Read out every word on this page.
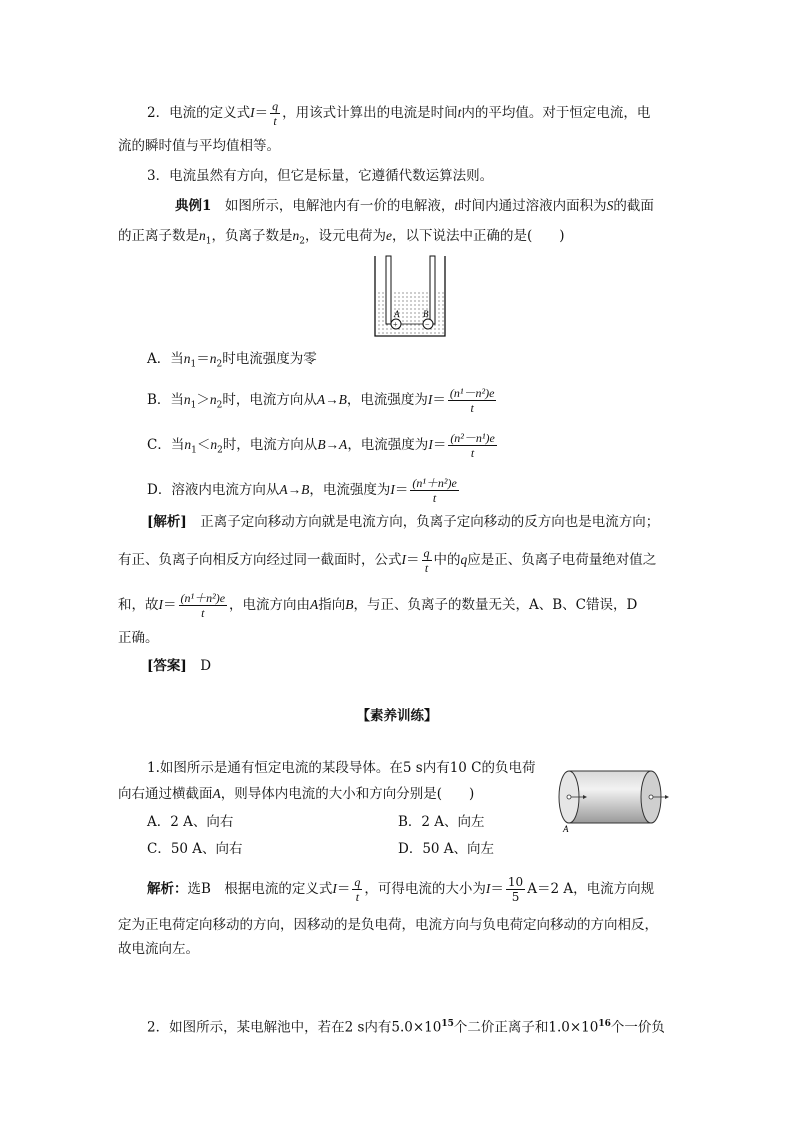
2．电流的定义式$I= \frac{q}{t}$ ，用该式计算出的电流是时间t内的平均值。对于恒定电流，电
流的瞬时值与平均值相等。
3．电流虽然有方向，但它是标量，它遵循代数运算法则。
典例1　 如图所示，电解池内有一价的电解液，t时间内通过溶液内面积为S的截面
的正离子数是$n_1$，负离子数是$n_2$，设元电荷为e，以下说法中正确的是(　　)
+	−
A	B
A．当$n_1=n_2$时电流强度为零
B．当$n_1>n_2$时，电流方向从A→B，电流强度为$I= \frac{\text{(n¹－n²)e}}{t}$
C．当$n_1<n_2$时，电流方向从B→A，电流强度为$I= \frac{\text{(n²－n¹)e}}{t}$
D．溶液内电流方向从A→B，电流强度为$I= \frac{\text{(n¹＋n²)e}}{t}$
[解析]　 正离子定向移动方向就是电流方向，负离子定向移动的反方向也是电流方向；
有正、负离子向相反方向经过同一截面时，公式$I= \frac{q}{t}$ 中的q应是正、负离子电荷量绝对值之
和，故$I= \frac{\text{(n¹＋n²)e}}{t}$ ，电流方向由A指向B，与正、负离子的数量无关，A、B、C错误，D
正确。
[答案]　 D
【素养训练】
1.如图所示是通有恒定电流的某段导体。在5 s内有10 C的负电荷
向右通过横截面A，则导体内电流的大小和方向分别是(　　)
A
A．2 A、向右	B．2 A、向左
C．50 A、向右	D．50 A、向左
解析：选B　根据电流的定义式$I= \frac{q}{t}$ ，可得电流的大小为$I= \frac{10}{5} A=2$ A，电流方向规
定为正电荷定向移动的方向，因移动的是负电荷，电流方向与负电荷定向移动的方向相反，
故电流向左。
2．如图所示，某电解池中，若在2 s内有$5.0\times 10^{15}$个二价正离子和$1.0\times 10^{16}$个一价负
